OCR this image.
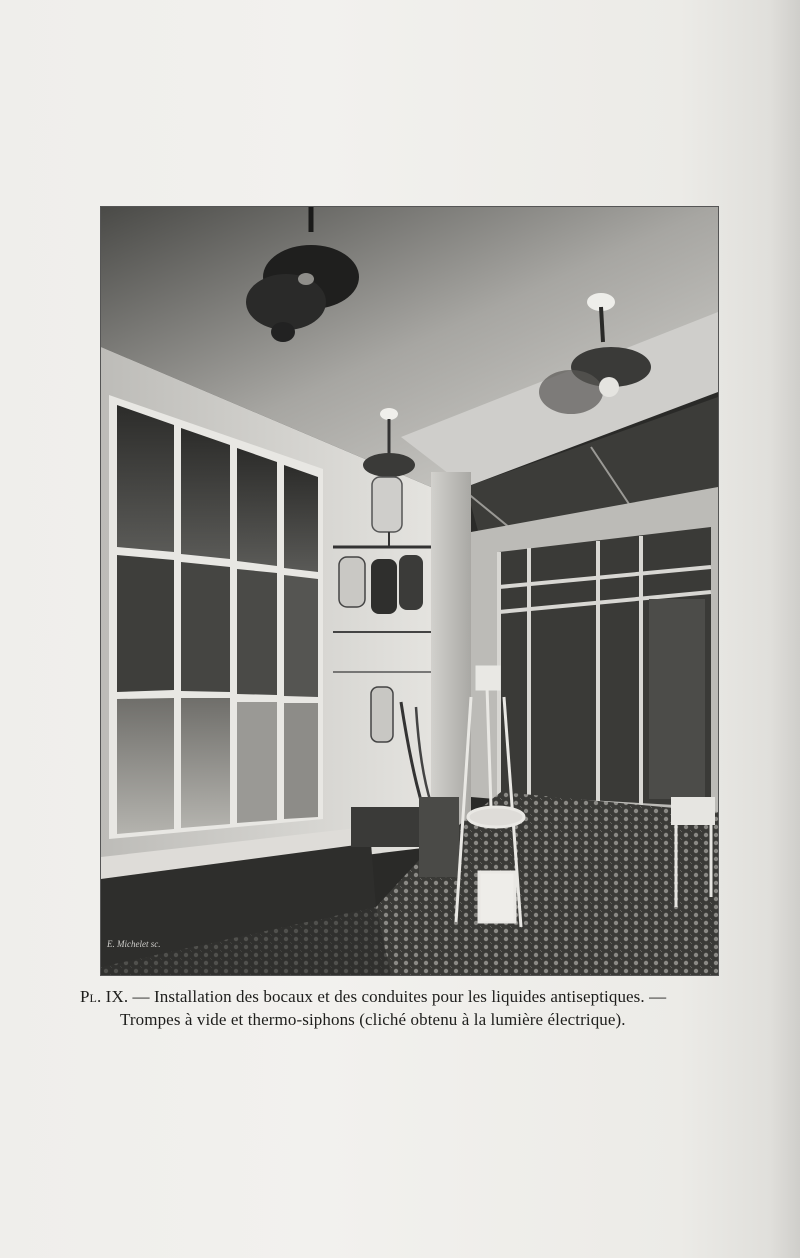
E. Michelet sc.
Pl. IX. — Installation des bocaux et des conduites pour les liquides antiseptiques. —
Trompes à vide et thermo-siphons (cliché obtenu à la lumière électrique).
